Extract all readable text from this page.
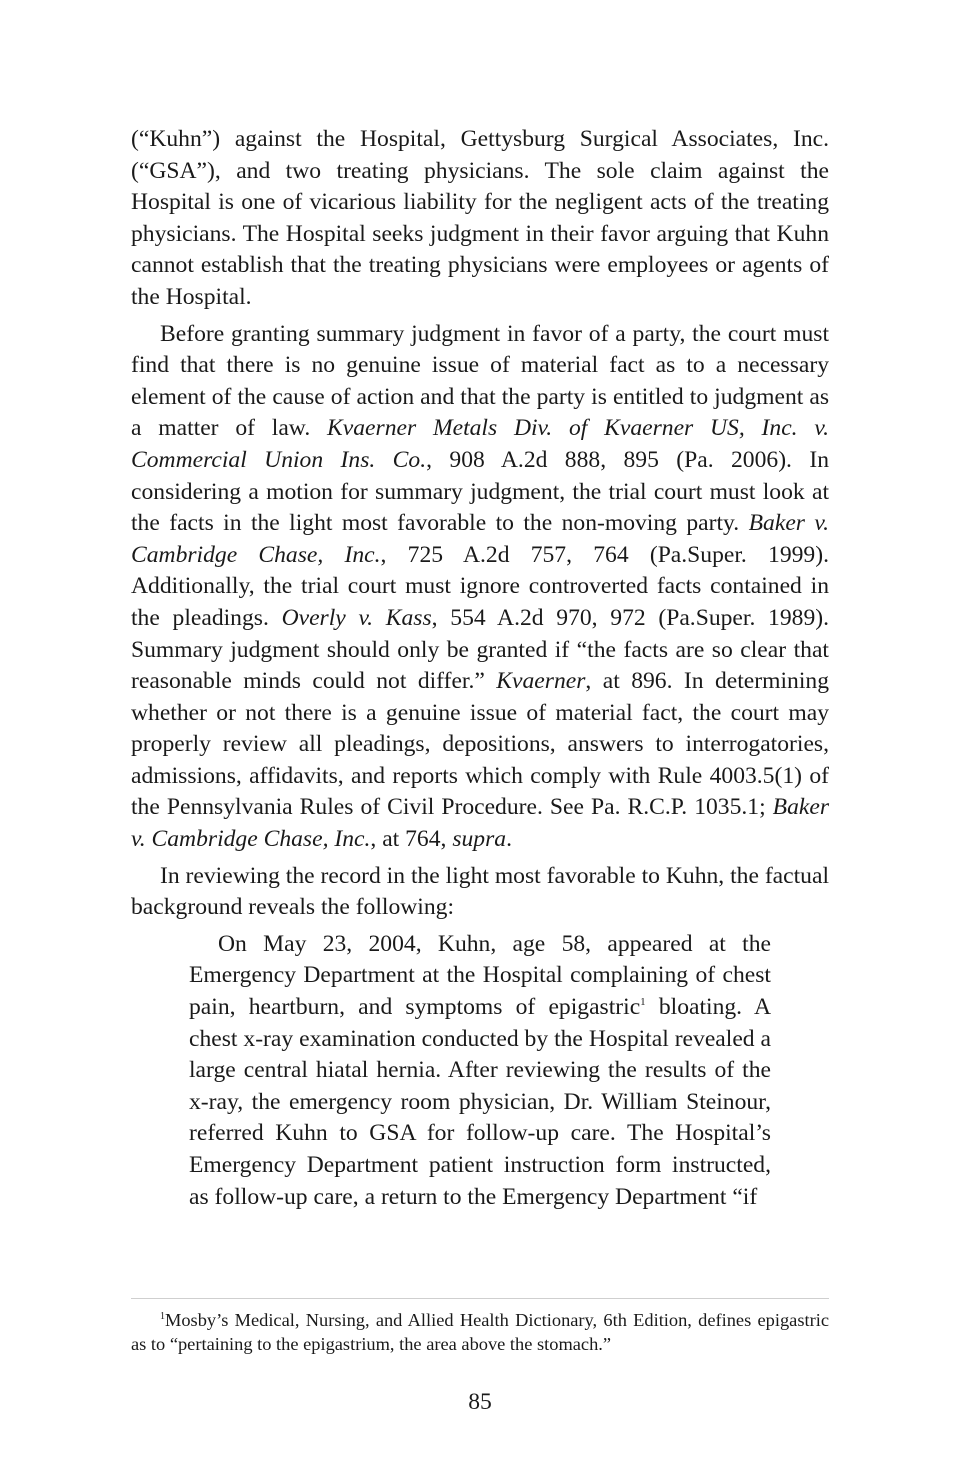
(“Kuhn”) against the Hospital, Gettysburg Surgical Associates, Inc. (“GSA”), and two treating physicians. The sole claim against the Hospital is one of vicarious liability for the negligent acts of the treating physicians. The Hospital seeks judgment in their favor arguing that Kuhn cannot establish that the treating physicians were employees or agents of the Hospital.

Before granting summary judgment in favor of a party, the court must find that there is no genuine issue of material fact as to a necessary element of the cause of action and that the party is entitled to judgment as a matter of law. Kvaerner Metals Div. of Kvaerner US, Inc. v. Commercial Union Ins. Co., 908 A.2d 888, 895 (Pa. 2006). In considering a motion for summary judgment, the trial court must look at the facts in the light most favorable to the non-moving party. Baker v. Cambridge Chase, Inc., 725 A.2d 757, 764 (Pa.Super. 1999). Additionally, the trial court must ignore controverted facts contained in the pleadings. Overly v. Kass, 554 A.2d 970, 972 (Pa.Super. 1989). Summary judgment should only be granted if “the facts are so clear that reasonable minds could not differ.” Kvaerner, at 896. In determining whether or not there is a genuine issue of material fact, the court may properly review all pleadings, depositions, answers to interrogatories, admissions, affidavits, and reports which comply with Rule 4003.5(1) of the Pennsylvania Rules of Civil Procedure. See Pa. R.C.P. 1035.1; Baker v. Cambridge Chase, Inc., at 764, supra.

In reviewing the record in the light most favorable to Kuhn, the factual background reveals the following:

On May 23, 2004, Kuhn, age 58, appeared at the Emergency Department at the Hospital complaining of chest pain, heartburn, and symptoms of epigastric$^1$ bloating. A chest x-ray examination conducted by the Hospital revealed a large central hiatal hernia. After reviewing the results of the x-ray, the emergency room physician, Dr. William Steinour, referred Kuhn to GSA for follow-up care. The Hospital’s Emergency Department patient instruction form instructed, as follow-up care, a return to the Emergency Department “if

$^1$Mosby’s Medical, Nursing, and Allied Health Dictionary, 6th Edition, defines epigastric as to “pertaining to the epigastrium, the area above the stomach.”
85
